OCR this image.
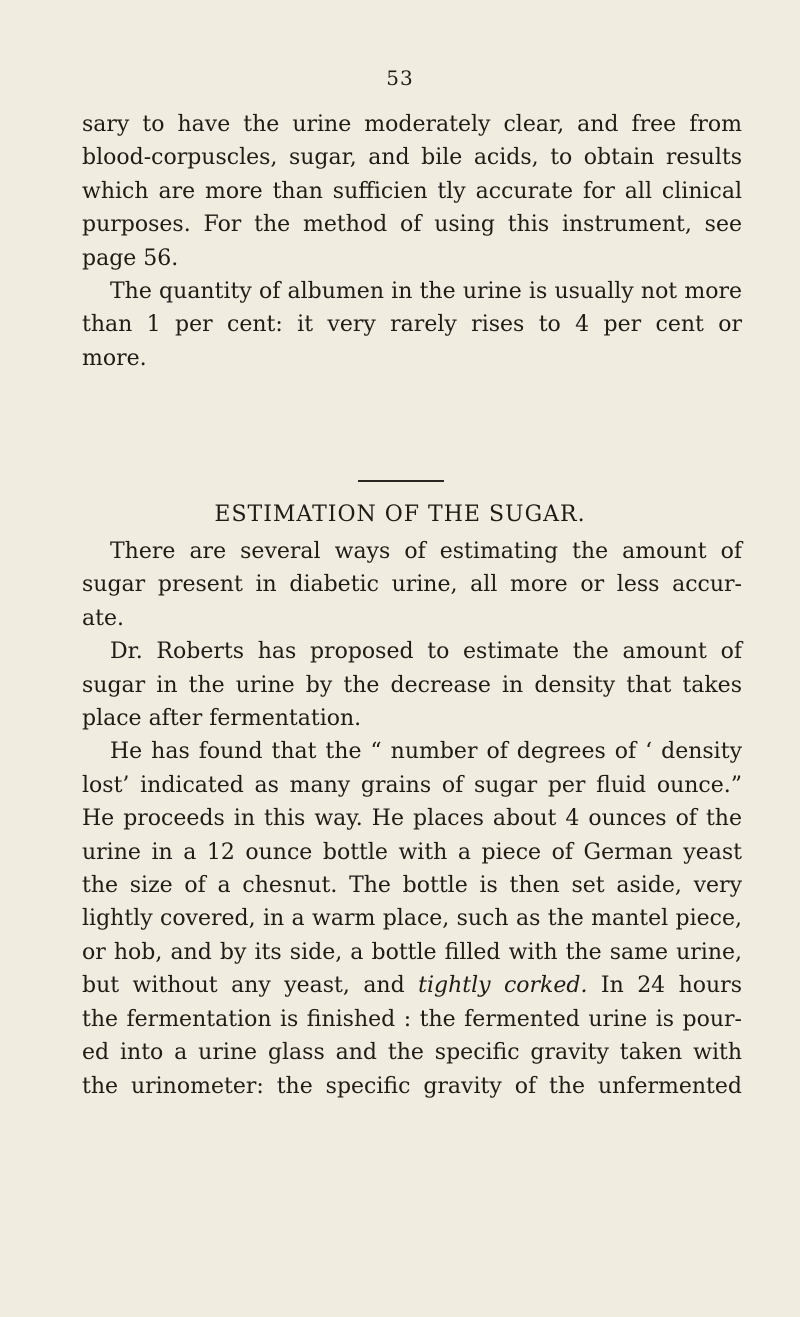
53

sary to have the urine moderately clear, and free from

blood-corpuscles, sugar, and bile acids, to obtain results

which are more than sufficien tly accurate for all clinical

purposes. For the method of using this instrument, see

page 56.

The quantity of albumen in the urine is usually not more

than 1 per cent: it very rarely rises to 4 per cent or

more.

ESTIMATION OF THE SUGAR.

There are several ways of estimating the amount of

sugar present in diabetic urine, all more or less accur-

ate.

Dr. Roberts has proposed to estimate the amount of

sugar in the urine by the decrease in density that takes

place after fermentation.

He has found that the “ number of degrees of ‘ density

lost’ indicated as many grains of sugar per fluid ounce.”

He proceeds in this way. He places about 4 ounces of the

urine in a 12 ounce bottle with a piece of German yeast

the size of a chesnut. The bottle is then set aside, very

lightly covered, in a warm place, such as the mantel piece,

or hob, and by its side, a bottle filled with the same urine,

but without any yeast, and tightly corked. In 24 hours

the fermentation is finished : the fermented urine is pour-

ed into a urine glass and the specific gravity taken with

the urinometer: the specific gravity of the unfermented
